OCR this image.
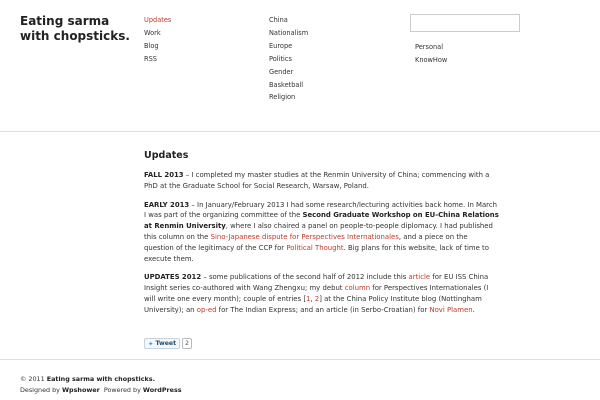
Eating sarma with chopsticks.
Updates
Work
Blog
RSS
China
Nationalism
Europe
Politics
Gender
Basketball
Religion
Personal
KnowHow
Updates

FALL 2013 – I completed my master studies at the Renmin University of China; commencing with a PhD at the Graduate School for Social Research, Warsaw, Poland.

EARLY 2013 – In January/February 2013 I had some research/lecturing activities back home. In March I was part of the organizing committee of the Second Graduate Workshop on EU-China Relations at Renmin University, where I also chaired a panel on people-to-people diplomacy. I had published this column on the Sino-Japanese dispute for Perspectives Internationales, and a piece on the question of the legitimacy of the CCP for Political Thought. Big plans for this website, lack of time to execute them.

UPDATES 2012 – some publications of the second half of 2012 include this article for EU ISS China Insight series co-authored with Wang Zhengxu; my debut column for Perspectives Internationales (I will write one every month); couple of entries [1, 2] at the China Policy Institute blog (Nottingham University); an op-ed for The Indian Express; and an article (in Serbo-Croatian) for Novi Plamen.

✦ Tweet	2
© 2011 Eating sarma with chopsticks.
Designed by Wpshower Powered by WordPress
